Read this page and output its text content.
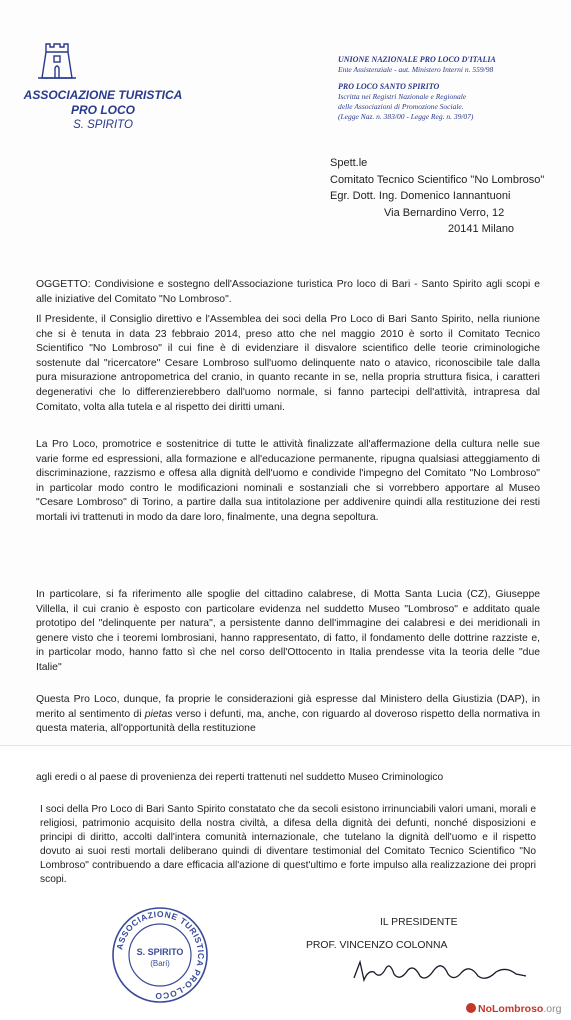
ASSOCIAZIONE TURISTICA
PRO LOCO
S. SPIRITO
UNIONE NAZIONALE PRO LOCO D'ITALIA
Ente Assistenziale - aut. Ministero Interni n. 559/98
PRO LOCO SANTO SPIRITO
Iscritta nei Registri Nazionale e Regionale
delle Associazioni di Promozione Sociale.
(Legge Naz. n. 383/00 - Legge Reg. n. 39/07)
Spett.le
Comitato Tecnico Scientifico "No Lombroso"
Egr. Dott. Ing. Domenico Iannantuoni
Via Bernardino Verro, 12
20141 Milano
OGGETTO: Condivisione e sostegno dell'Associazione turistica Pro loco di Bari - Santo Spirito agli scopi e alle iniziative del Comitato "No Lombroso".
Il Presidente, il Consiglio direttivo e l'Assemblea dei soci della Pro Loco di Bari Santo Spirito, nella riunione che si è tenuta in data 23 febbraio 2014, preso atto che nel maggio 2010 è sorto il Comitato Tecnico Scientifico "No Lombroso" il cui fine è di evidenziare il disvalore scientifico delle teorie criminologiche sostenute dal "ricercatore" Cesare Lombroso sull'uomo delinquente nato o atavico, riconoscibile tale dalla pura misurazione antropometrica del cranio, in quanto recante in se, nella propria struttura fisica, i caratteri degenerativi che lo differenzierebbero dall'uomo normale, si fanno partecipi dell'attività, intrapresa dal Comitato, volta alla tutela e al rispetto dei diritti umani.
La Pro Loco, promotrice e sostenitrice di tutte le attività finalizzate all'affermazione della cultura nelle sue varie forme ed espressioni, alla formazione e all'educazione permanente, ripugna qualsiasi atteggiamento di discriminazione, razzismo e offesa alla dignità dell'uomo e condivide l'impegno del Comitato "No Lombroso" in particolar modo contro le modificazioni nominali e sostanziali che si vorrebbero apportare al Museo "Cesare Lombroso" di Torino, a partire dalla sua intitolazione per addivenire quindi alla restituzione dei resti mortali ivi trattenuti in modo da dare loro, finalmente, una degna sepoltura.
In particolare, si fa riferimento alle spoglie del cittadino calabrese, di Motta Santa Lucia (CZ), Giuseppe Villella, il cui cranio è esposto con particolare evidenza nel suddetto Museo "Lombroso" e additato quale prototipo del "delinquente per natura", a persistente danno dell'immagine dei calabresi e dei meridionali in genere visto che i teoremi lombrosiani, hanno rappresentato, di fatto, il fondamento delle dottrine razziste e, in particolar modo, hanno fatto sì che nel corso dell'Ottocento in Italia prendesse vita la teoria delle "due Italie"
Questa Pro Loco, dunque, fa proprie le considerazioni già espresse dal Ministero della Giustizia (DAP), in merito al sentimento di pietas verso i defunti, ma, anche, con riguardo al doveroso rispetto della normativa in questa materia, all'opportunità della restituzione
agli eredi o al paese di provenienza dei reperti trattenuti nel suddetto Museo Criminologico
I soci della Pro Loco di Bari Santo Spirito constatato che da secoli esistono irrinunciabili valori umani, morali e religiosi, patrimonio acquisito della nostra civiltà, a difesa della dignità dei defunti, nonché disposizioni e principi di diritto, accolti dall'intera comunità internazionale, che tutelano la dignità dell'uomo e il rispetto dovuto ai suoi resti mortali deliberano quindi di diventare testimonial del Comitato Tecnico Scientifico "No Lombroso" contribuendo a dare efficacia all'azione di quest'ultimo e forte impulso alla realizzazione dei propri scopi.
ASSOCIAZIONE TURISTICA PRO-LOCO
S. SPIRITO
(Bari)
IL PRESIDENTE
PROF. VINCENZO COLONNA
NoLombroso.org
